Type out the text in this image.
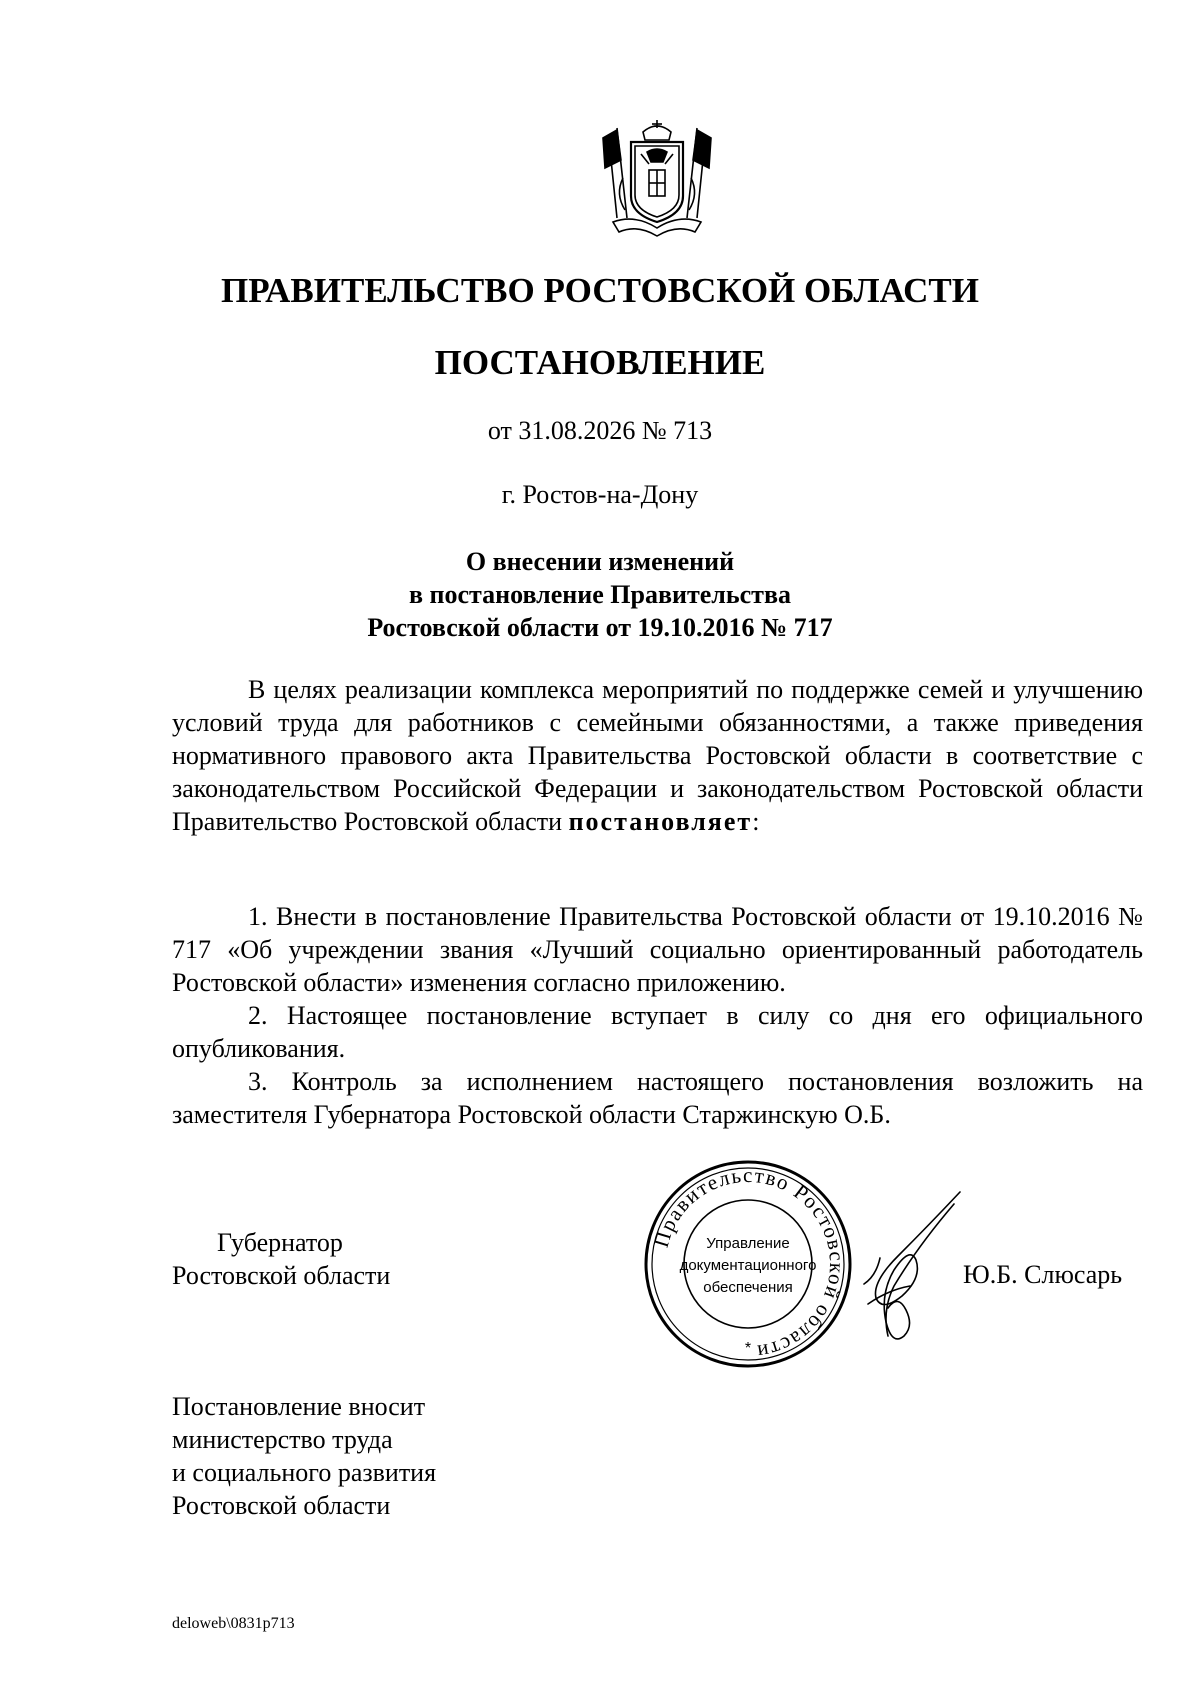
ПРАВИТЕЛЬСТВО РОСТОВСКОЙ ОБЛАСТИ
ПОСТАНОВЛЕНИЕ
от 31.08.2026 № 713
г. Ростов-на-Дону
О внесении изменений
в постановление Правительства
Ростовской области от 19.10.2016 № 717

В целях реализации комплекса мероприятий по поддержке семей и улучшению условий труда для работников с семейными обязанностями, а также приведения нормативного правового акта Правительства Ростовской области в соответствие с законодательством Российской Федерации и законодательством Ростовской области Правительство Ростовской области постановляет:

1. Внести в постановление Правительства Ростовской области от 19.10.2016 № 717 «Об учреждении звания «Лучший социально ориентированный работодатель Ростовской области» изменения согласно приложению.

2. Настоящее постановление вступает в силу со дня его официального опубликования.

3. Контроль за исполнением настоящего постановления возложить на заместителя Губернатора Ростовской области Старжинскую О.Б.

Губернатор
Ростовской области
Правительство Ростовской области
Управление
документационного
обеспечения
*
Ю.Б. Слюсарь
Постановление вносит
министерство труда
и социального развития
Ростовской области
deloweb\0831p713
